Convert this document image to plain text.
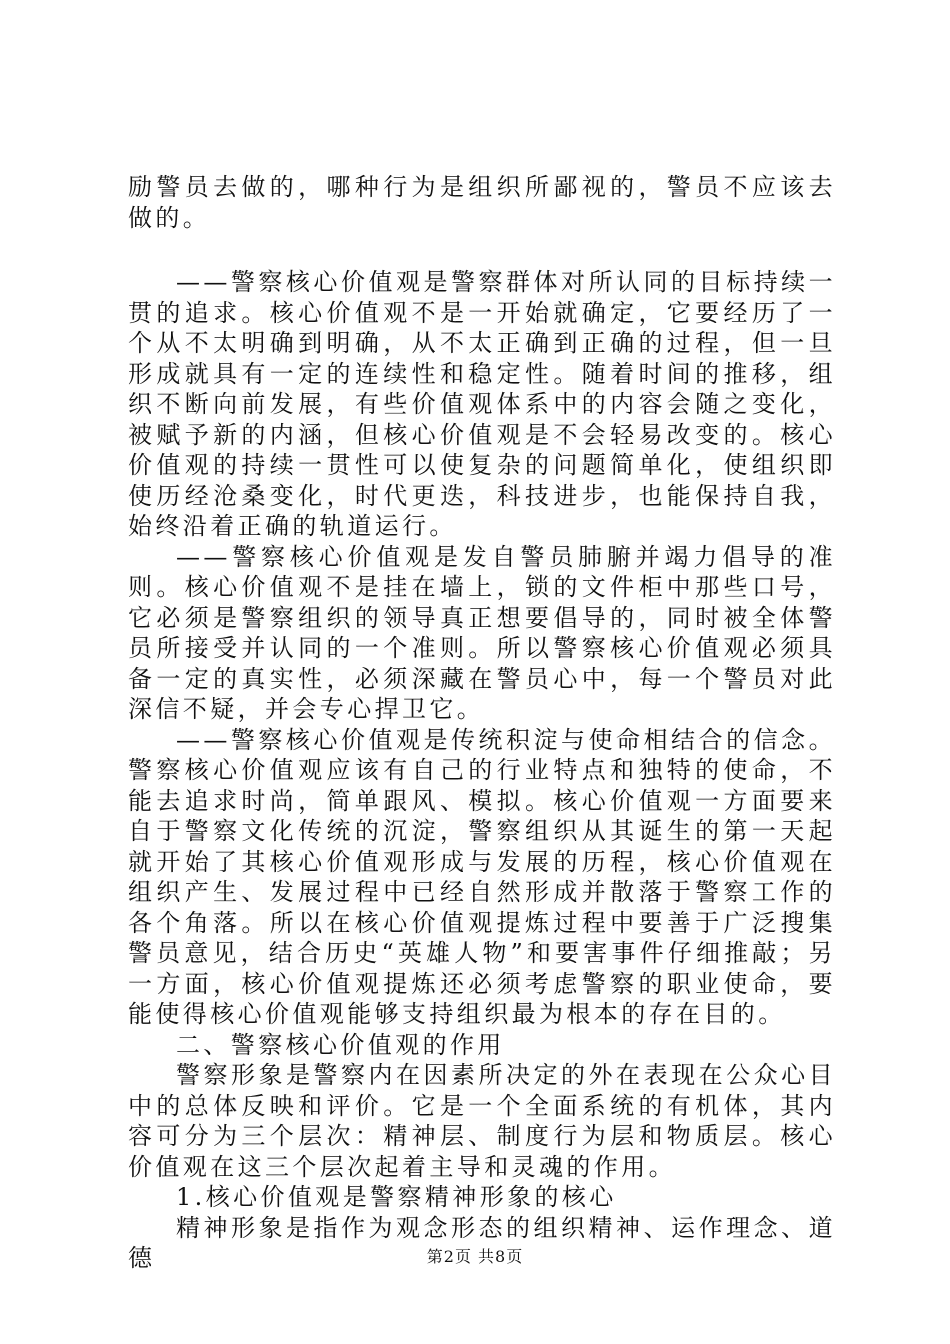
励警员去做的，哪种行为是组织所鄙视的，警员不应该去做的。

——警察核心价值观是警察群体对所认同的目标持续一贯的追求。核心价值观不是一开始就确定，它要经历了一个从不太明确到明确，从不太正确到正确的过程，但一旦形成就具有一定的连续性和稳定性。随着时间的推移，组织不断向前发展，有些价值观体系中的内容会随之变化，被赋予新的内涵，但核心价值观是不会轻易改变的。核心价值观的持续一贯性可以使复杂的问题简单化，使组织即使历经沧桑变化，时代更迭，科技进步，也能保持自我，始终沿着正确的轨道运行。

——警察核心价值观是发自警员肺腑并竭力倡导的准则。核心价值观不是挂在墙上，锁的文件柜中那些口号，它必须是警察组织的领导真正想要倡导的，同时被全体警员所接受并认同的一个准则。所以警察核心价值观必须具备一定的真实性，必须深藏在警员心中，每一个警员对此深信不疑，并会专心捍卫它。

——警察核心价值观是传统积淀与使命相结合的信念。警察核心价值观应该有自己的行业特点和独特的使命，不能去追求时尚，简单跟风、模拟。核心价值观一方面要来自于警察文化传统的沉淀，警察组织从其诞生的第一天起就开始了其核心价值观形成与发展的历程，核心价值观在组织产生、发展过程中已经自然形成并散落于警察工作的各个角落。所以在核心价值观提炼过程中要善于广泛搜集警员意见，结合历史“英雄人物”和要害事件仔细推敲；另一方面，核心价值观提炼还必须考虑警察的职业使命，要能使得核心价值观能够支持组织最为根本的存在目的。

二、警察核心价值观的作用

警察形象是警察内在因素所决定的外在表现在公众心目中的总体反映和评价。它是一个全面系统的有机体，其内容可分为三个层次：精神层、制度行为层和物质层。核心价值观在这三个层次起着主导和灵魂的作用。

1.核心价值观是警察精神形象的核心

精神形象是指作为观念形态的组织精神、运作理念、道德	第2页 共8页
